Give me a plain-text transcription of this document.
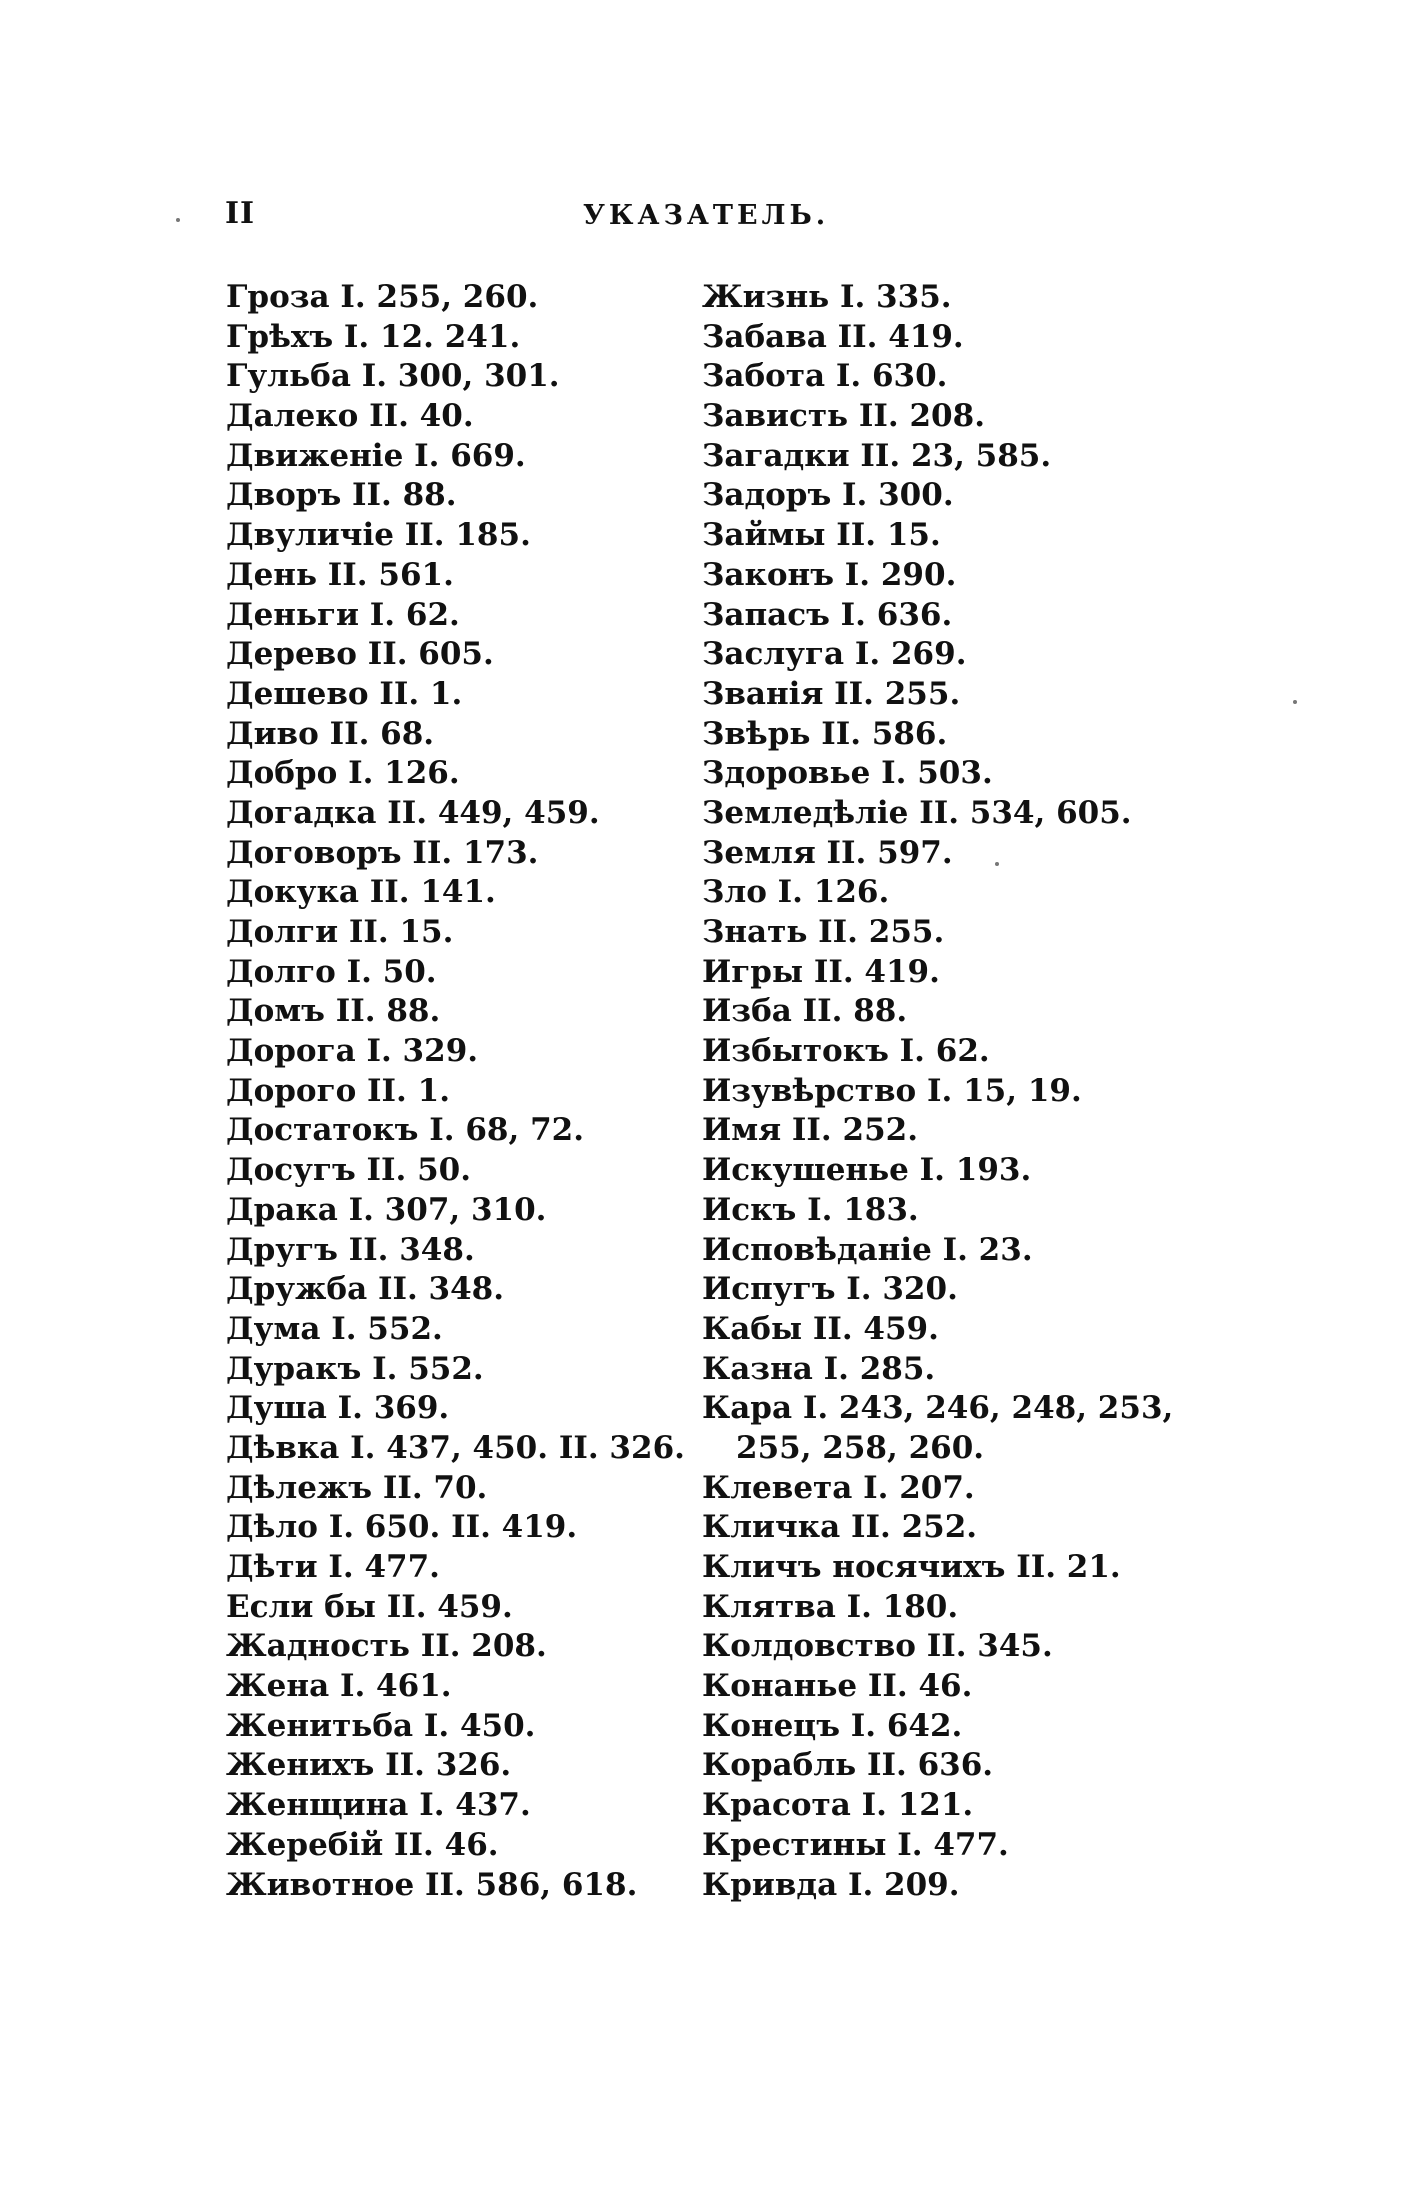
II	УКАЗАТЕЛЬ.
Гроза I. 255, 260.
Грѣхъ I. 12. 241.
Гульба I. 300, 301.
Далеко II. 40.
Движеніе I. 669.
Дворъ II. 88.
Двуличіе II. 185.
День II. 561.
Деньги I. 62.
Дерево II. 605.
Дешево II. 1.
Диво II. 68.
Добро I. 126.
Догадка II. 449, 459.
Договоръ II. 173.
Докука II. 141.
Долги II. 15.
Долго I. 50.
Домъ II. 88.
Дорога I. 329.
Дорого II. 1.
Достатокъ I. 68, 72.
Досугъ II. 50.
Драка I. 307, 310.
Другъ II. 348.
Дружба II. 348.
Дума I. 552.
Дуракъ I. 552.
Душа I. 369.
Дѣвка I. 437, 450. II. 326.
Дѣлежъ II. 70.
Дѣло I. 650. II. 419.
Дѣти I. 477.
Если бы II. 459.
Жадность II. 208.
Жена I. 461.
Женитьба I. 450.
Женихъ II. 326.
Женщина I. 437.
Жеребій II. 46.
Животное II. 586, 618.
Жизнь I. 335.
Забава II. 419.
Забота I. 630.
Зависть II. 208.
Загадки II. 23, 585.
Задоръ I. 300.
Займы II. 15.
Законъ I. 290.
Запасъ I. 636.
Заслуга I. 269.
Званія II. 255.
Звѣрь II. 586.
Здоровье I. 503.
Земледѣліе II. 534, 605.
Земля II. 597.
Зло I. 126.
Знать II. 255.
Игры II. 419.
Изба II. 88.
Избытокъ I. 62.
Изувѣрство I. 15, 19.
Имя II. 252.
Искушенье I. 193.
Искъ I. 183.
Исповѣданіе I. 23.
Испугъ I. 320.
Кабы II. 459.
Казна I. 285.
Кара I. 243, 246, 248, 253,
255, 258, 260.
Клевета I. 207.
Кличка II. 252.
Кличъ носячихъ II. 21.
Клятва I. 180.
Колдовство II. 345.
Конанье II. 46.
Конецъ I. 642.
Корабль II. 636.
Красота I. 121.
Крестины I. 477.
Кривда I. 209.
